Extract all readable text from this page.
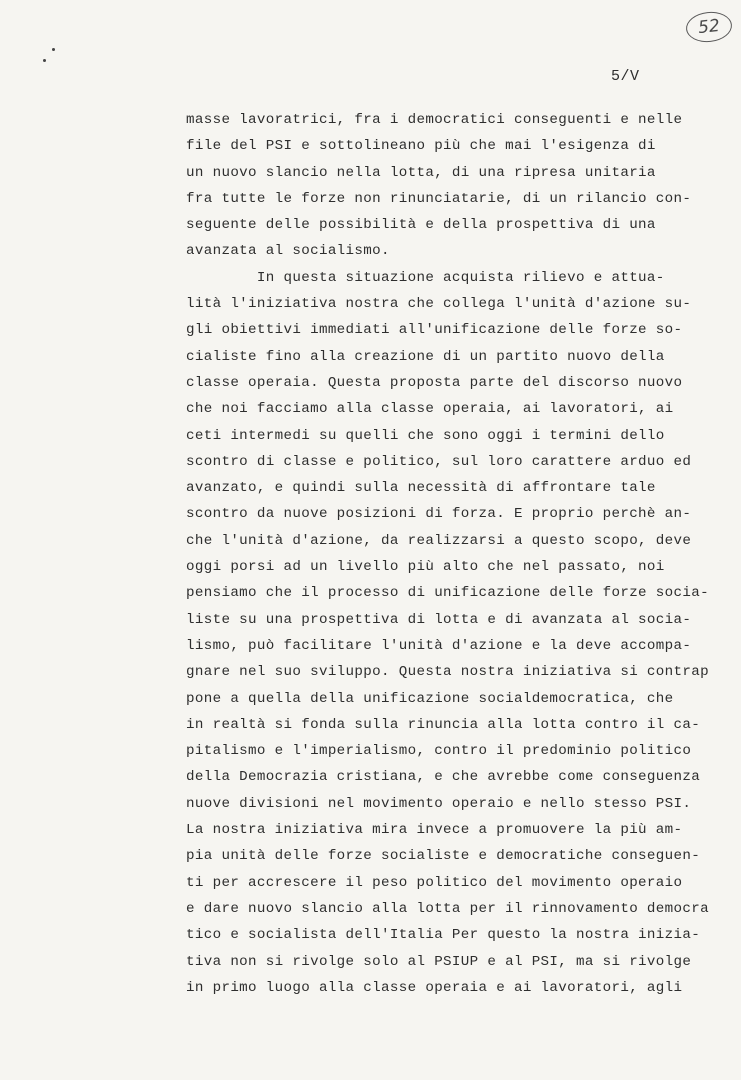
52
5/V
masse lavoratrici, fra i democratici conseguenti e nelle
file del PSI e sottolineano più che mai l'esigenza di
un nuovo slancio nella lotta, di una ripresa unitaria
fra tutte le forze non rinunciatarie, di un rilancio con-
seguente delle possibilità e della prospettiva di una
avanzata al socialismo.
In questa situazione acquista rilievo e attua-
lità l'iniziativa nostra che collega l'unità d'azione su-
gli obiettivi immediati all'unificazione delle forze so-
cialiste fino alla creazione di un partito nuovo della
classe operaia. Questa proposta parte del discorso nuovo
che noi facciamo alla classe operaia, ai lavoratori, ai
ceti intermedi su quelli che sono oggi i termini dello
scontro di classe e politico, sul loro carattere arduo ed
avanzato, e quindi sulla necessità di affrontare tale
scontro da nuove posizioni di forza. E proprio perchè an-
che l'unità d'azione, da realizzarsi a questo scopo, deve
oggi porsi ad un livello più alto che nel passato, noi
pensiamo che il processo di unificazione delle forze socia-
liste su una prospettiva di lotta e di avanzata al socia-
lismo, può facilitare l'unità d'azione e la deve accompa-
gnare nel suo sviluppo. Questa nostra iniziativa si contrap
pone a quella della unificazione socialdemocratica, che
in realtà si fonda sulla rinuncia alla lotta contro il ca-
pitalismo e l'imperialismo, contro il predominio politico
della Democrazia cristiana, e che avrebbe come conseguenza
nuove divisioni nel movimento operaio e nello stesso PSI.
La nostra iniziativa mira invece a promuovere la più am-
pia unità delle forze socialiste e democratiche conseguen-
ti per accrescere il peso politico del movimento operaio
e dare nuovo slancio alla lotta per il rinnovamento democra
tico e socialista dell'Italia Per questo la nostra inizia-
tiva non si rivolge solo al PSIUP e al PSI, ma si rivolge
in primo luogo alla classe operaia e ai lavoratori, agli
